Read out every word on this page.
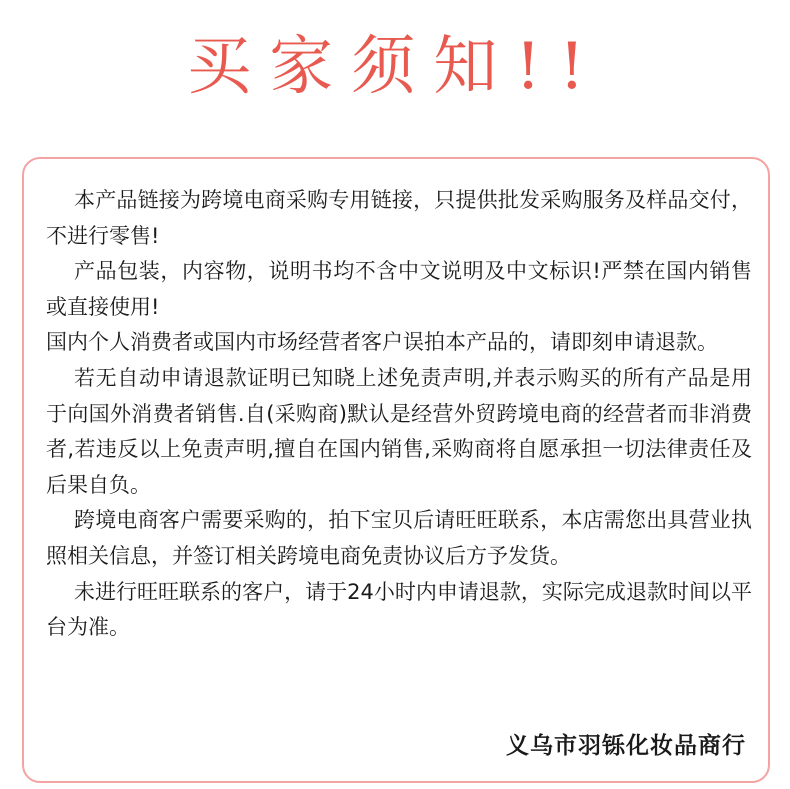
买家须知!!

本产品链接为跨境电商采购专用链接，只提供批发采购服务及样品交付，不进行零售!

产品包装，内容物，说明书均不含中文说明及中文标识!严禁在国内销售或直接使用!

国内个人消费者或国内市场经营者客户误拍本产品的，请即刻申请退款。

若无自动申请退款证明已知晓上述免责声明,并表示购买的所有产品是用于向国外消费者销售.自(采购商)默认是经营外贸跨境电商的经营者而非消费者,若违反以上免责声明,擅自在国内销售,采购商将自愿承担一切法律责任及后果自负。

跨境电商客户需要采购的，拍下宝贝后请旺旺联系，本店需您出具营业执照相关信息，并签订相关跨境电商免责协议后方予发货。

未进行旺旺联系的客户，请于24小时内申请退款，实际完成退款时间以平台为准。

义乌市羽铄化妆品商行
